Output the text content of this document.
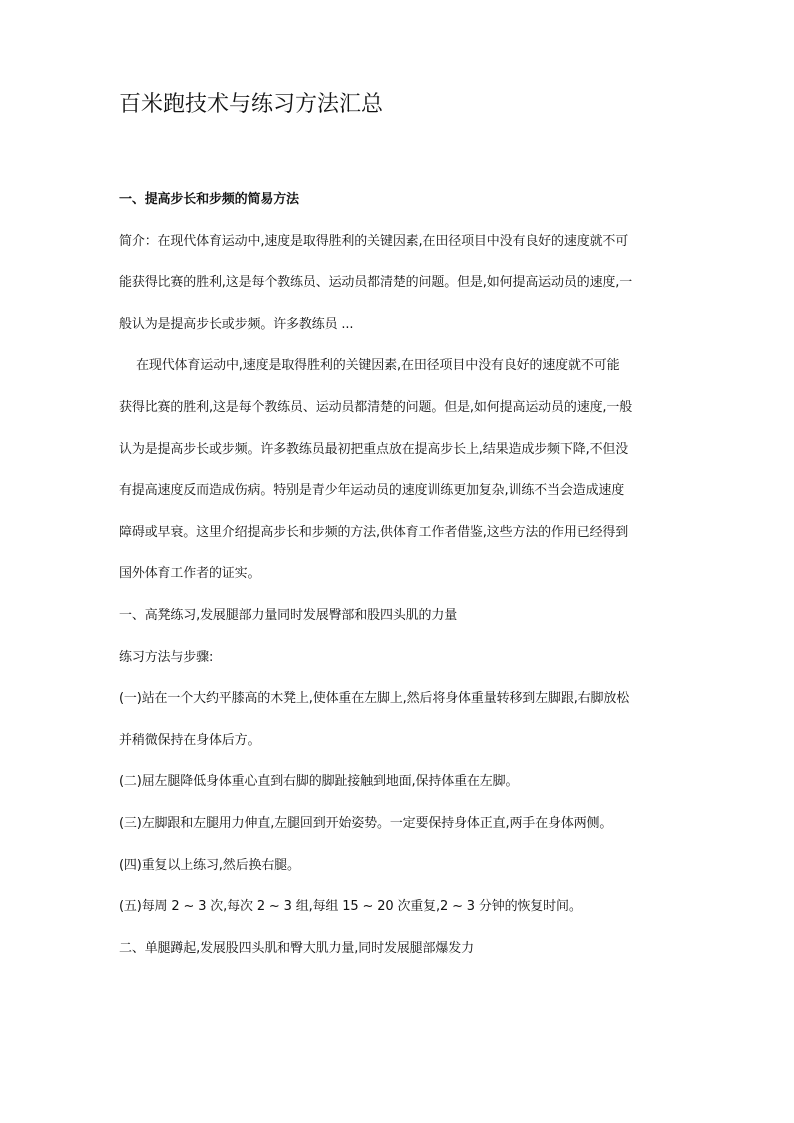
百米跑技术与练习方法汇总

一、提高步长和步频的简易方法

简介：在现代体育运动中,速度是取得胜利的关键因素,在田径项目中没有良好的速度就不可

能获得比赛的胜利,这是每个教练员、运动员都清楚的问题。但是,如何提高运动员的速度,一

般认为是提高步长或步频。许多教练员 ...

在现代体育运动中,速度是取得胜利的关键因素,在田径项目中没有良好的速度就不可能

获得比赛的胜利,这是每个教练员、运动员都清楚的问题。但是,如何提高运动员的速度,一般

认为是提高步长或步频。许多教练员最初把重点放在提高步长上,结果造成步频下降,不但没

有提高速度反而造成伤病。特别是青少年运动员的速度训练更加复杂,训练不当会造成速度

障碍或早衰。这里介绍提高步长和步频的方法,供体育工作者借鉴,这些方法的作用已经得到

国外体育工作者的证实。

一、高凳练习,发展腿部力量同时发展臀部和股四头肌的力量

练习方法与步骤:

(一)站在一个大约平膝高的木凳上,使体重在左脚上,然后将身体重量转移到左脚跟,右脚放松

并稍微保持在身体后方。

(二)屈左腿降低身体重心直到右脚的脚趾接触到地面,保持体重在左脚。

(三)左脚跟和左腿用力伸直,左腿回到开始姿势。一定要保持身体正直,两手在身体两侧。

(四)重复以上练习,然后换右腿。

(五)每周 2 ~ 3 次,每次 2 ~ 3 组,每组 15 ~ 20 次重复,2 ~ 3 分钟的恢复时间。

二、单腿蹲起,发展股四头肌和臀大肌力量,同时发展腿部爆发力
